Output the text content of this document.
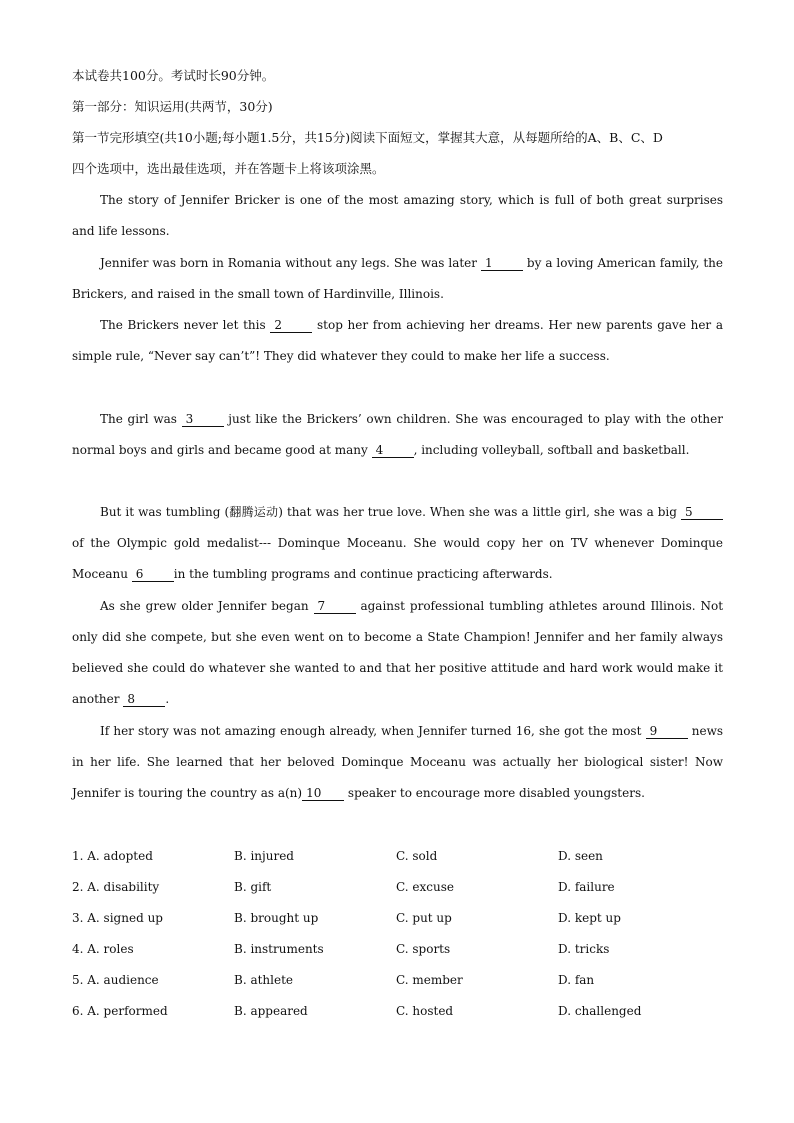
本试卷共100分。考试时长90分钟。
第一部分：知识运用(共两节，30分)
第一节完形填空(共10小题;每小题1.5分，共15分)阅读下面短文，掌握其大意，从每题所给的A、B、C、D
四个选项中，选出最佳选项，并在答题卡上将该项涂黑。
The story of Jennifer Bricker is one of the most amazing story, which is full of both great surprises and life lessons.
Jennifer was born in Romania without any legs. She was later 1	by a loving American family, the Brickers, and raised in the small town of Hardinville, Illinois.
The Brickers never let this 2	stop her from achieving her dreams. Her new parents gave her a simple rule, “Never say can’t”! They did whatever they could to make her life a success.
The girl was 3	just like the Brickers’ own children. She was encouraged to play with the other normal boys and girls and became good at many 4	, including volleyball, softball and basketball.
But it was tumbling (翻腾运动) that was her true love. When she was a little girl, she was a big 5 of the Olympic gold medalist--- Dominque Moceanu. She would copy her on TV whenever Dominque Moceanu 6	in the tumbling programs and continue practicing afterwards.
As she grew older Jennifer began 7	against professional tumbling athletes around Illinois. Not only did she compete, but she even went on to become a State Champion! Jennifer and her family always believed she could do whatever she wanted to and that her positive attitude and hard work would make it another 8	.
If her story was not amazing enough already, when Jennifer turned 16, she got the most 9	news in her life. She learned that her beloved Dominque Moceanu was actually her biological sister! Now Jennifer is touring the country as a(n) 10 speaker to encourage more disabled youngsters.
1. A. adopted	B. injured	C. sold	D. seen
2. A. disability	B. gift	C. excuse	D. failure
3. A. signed up	B. brought up	C. put up	D. kept up
4. A. roles	B. instruments	C. sports	D. tricks
5. A. audience	B. athlete	C. member	D. fan
6. A. performed	B. appeared	C. hosted	D. challenged
